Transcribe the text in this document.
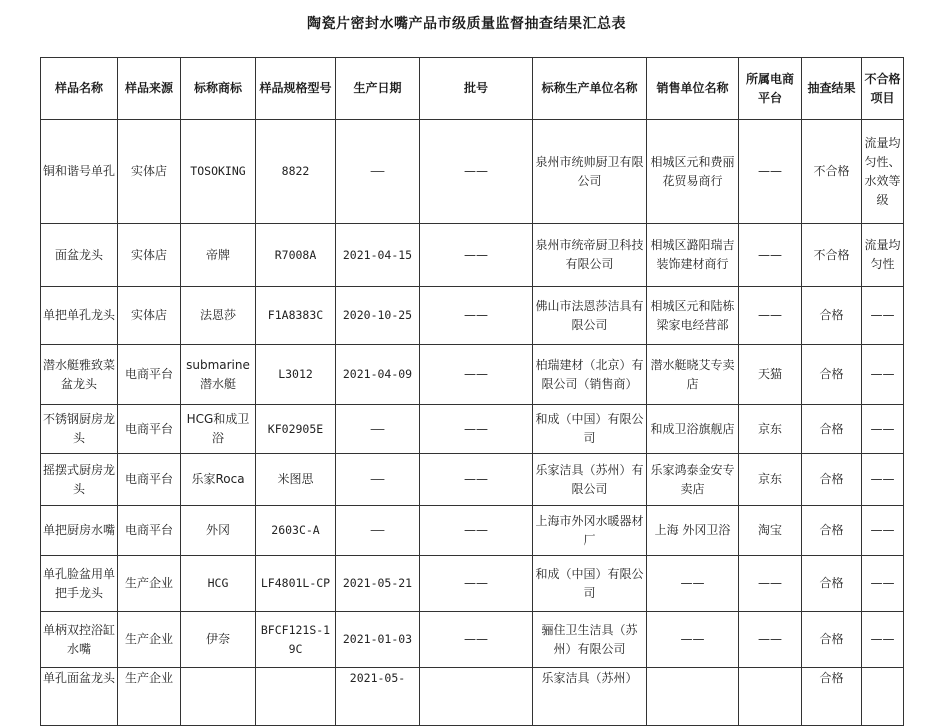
陶瓷片密封水嘴产品市级质量监督抽查结果汇总表
样品名称	样品来源	标称商标	样品规格型号	生产日期	批号	标称生产单位名称	销售单位名称	所属电商平台	抽查结果	不合格项目
铜和谐号单孔	实体店	TOSOKING	8822	——	——	泉州市统帅厨卫有限公司	相城区元和费丽花贸易商行	——	不合格	流量均匀性、水效等级
面盆龙头	实体店	帝牌	R7008A	2021-04-15	——	泉州市统帝厨卫科技有限公司	相城区潞阳瑞吉装饰建材商行	——	不合格	流量均匀性
单把单孔龙头	实体店	法恩莎	F1A8383C	2020-10-25	——	佛山市法恩莎洁具有限公司	相城区元和陆栋梁家电经营部	——	合格	——
潜水艇雅致菜盆龙头	电商平台	submarine潜水艇	L3012	2021-04-09	——	柏瑞建材（北京）有限公司（销售商）	潜水艇晓艾专卖店	天猫	合格	——
不锈钢厨房龙头	电商平台	HCG和成卫浴	KF02905E	——	——	和成（中国）有限公司	和成卫浴旗舰店	京东	合格	——
摇摆式厨房龙头	电商平台	乐家Roca	米图思	——	——	乐家洁具（苏州）有限公司	乐家鸿泰金安专卖店	京东	合格	——
单把厨房水嘴	电商平台	外冈	2603C-A	——	——	上海市外冈水暖器材厂	上海 外冈卫浴	淘宝	合格	——
单孔脸盆用单把手龙头	生产企业	HCG	LF4801L-CP	2021-05-21	——	和成（中国）有限公司	——	——	合格	——
单柄双控浴缸水嘴	生产企业	伊奈	BFCF121S-19C	2021-01-03	——	骊住卫生洁具（苏州）有限公司	——	——	合格	——
单孔面盆龙头	生产企业			2021-05-		乐家洁具（苏州）			合格	
